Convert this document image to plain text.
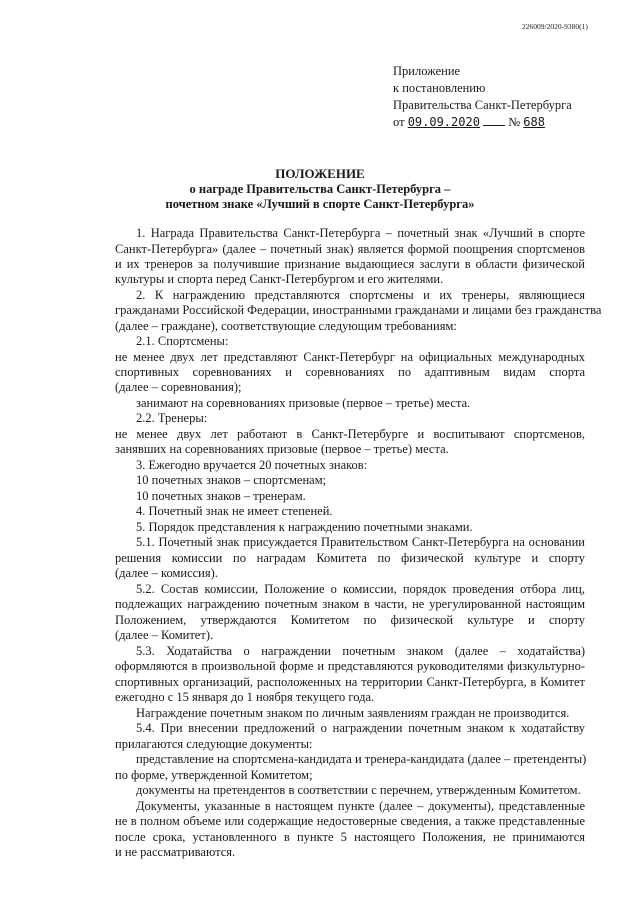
226009/2020-9380(1)
Приложение
к постановлению
Правительства Санкт-Петербурга
от 09.09.2020 № 688
ПОЛОЖЕНИЕ
о награде Правительства Санкт-Петербурга –
почетном знаке «Лучший в спорте Санкт-Петербурга»
1. Награда Правительства Санкт-Петербурга – почетный знак «Лучший в спорте
Санкт-Петербурга» (далее – почетный знак) является формой поощрения спортсменов
и их тренеров за получившие признание выдающиеся заслуги в области физической
культуры и спорта перед Санкт-Петербургом и его жителями.
2. К награждению представляются спортсмены и их тренеры, являющиеся
гражданами Российской Федерации, иностранными гражданами и лицами без гражданства
(далее – граждане), соответствующие следующим требованиям:
2.1. Спортсмены:
не менее двух лет представляют Санкт-Петербург на официальных международных
спортивных соревнованиях и соревнованиях по адаптивным видам спорта
(далее – соревнования);
занимают на соревнованиях призовые (первое – третье) места.
2.2. Тренеры:
не менее двух лет работают в Санкт-Петербурге и воспитывают спортсменов,
занявших на соревнованиях призовые (первое – третье) места.
3. Ежегодно вручается 20 почетных знаков:
10 почетных знаков – спортсменам;
10 почетных знаков – тренерам.
4. Почетный знак не имеет степеней.
5. Порядок представления к награждению почетными знаками.
5.1. Почетный знак присуждается Правительством Санкт-Петербурга на основании
решения комиссии по наградам Комитета по физической культуре и спорту
(далее – комиссия).
5.2. Состав комиссии, Положение о комиссии, порядок проведения отбора лиц,
подлежащих награждению почетным знаком в части, не урегулированной настоящим
Положением, утверждаются Комитетом по физической культуре и спорту
(далее – Комитет).
5.3. Ходатайства о награждении почетным знаком (далее – ходатайства)
оформляются в произвольной форме и представляются руководителями физкультурно-
спортивных организаций, расположенных на территории Санкт-Петербурга, в Комитет
ежегодно с 15 января до 1 ноября текущего года.
Награждение почетным знаком по личным заявлениям граждан не производится.
5.4. При внесении предложений о награждении почетным знаком к ходатайству
прилагаются следующие документы:
представление на спортсмена-кандидата и тренера-кандидата (далее – претенденты)
по форме, утвержденной Комитетом;
документы на претендентов в соответствии с перечнем, утвержденным Комитетом.
Документы, указанные в настоящем пункте (далее – документы), представленные
не в полном объеме или содержащие недостоверные сведения, а также представленные
после срока, установленного в пункте 5 настоящего Положения, не принимаются
и не рассматриваются.
